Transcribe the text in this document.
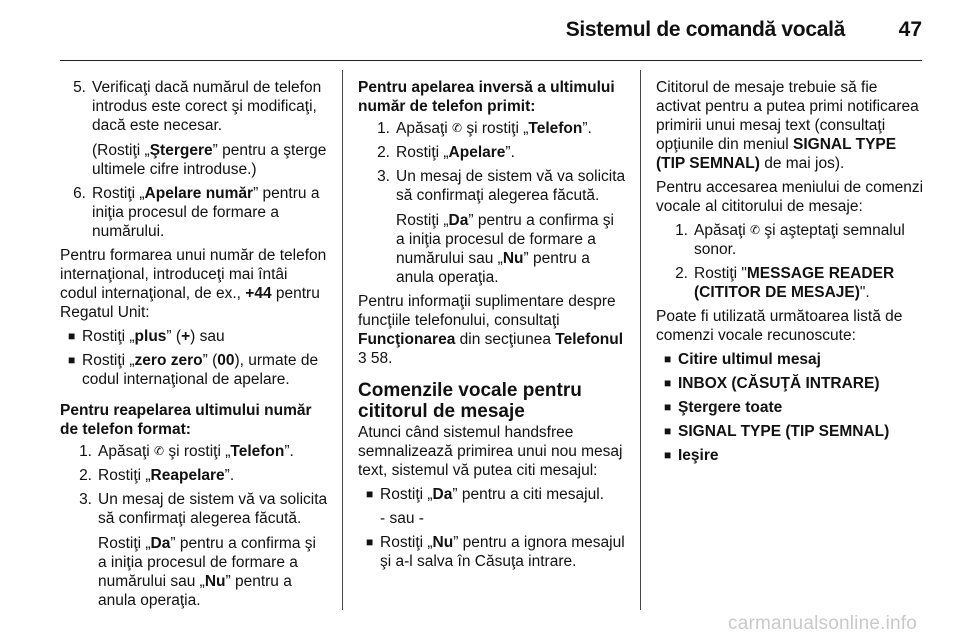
Sistemul de comandă vocală	47
5. Verificaţi dacă numărul de telefon introdus este corect şi modificaţi, dacă este necesar.
(Rostiţi „Ştergere” pentru a şterge ultimele cifre introduse.)
6. Rostiţi „Apelare număr” pentru a iniţia procesul de formare a numărului.

Pentru formarea unui număr de telefon internaţional, introduceţi mai întâi codul internaţional, de ex., +44 pentru Regatul Unit:

■ Rostiţi „plus” (+) sau
■ Rostiţi „zero zero” (00), urmate de codul internaţional de apelare.
Pentru reapelarea ultimului număr de telefon format:
1. Apăsaţi ✆ şi rostiţi „Telefon”.
2. Rostiţi „Reapelare”.
3. Un mesaj de sistem vă va solicita să confirmaţi alegerea făcută.
Rostiţi „Da” pentru a confirma şi a iniţia procesul de formare a numărului sau „Nu” pentru a anula operaţia.
Pentru apelarea inversă a ultimului număr de telefon primit:
1. Apăsaţi ✆ şi rostiţi „Telefon”.
2. Rostiţi „Apelare”.
3. Un mesaj de sistem vă va solicita să confirmaţi alegerea făcută.
Rostiţi „Da” pentru a confirma şi a iniţia procesul de formare a numărului sau „Nu” pentru a anula operaţia.

Pentru informaţii suplimentare despre funcţiile telefonului, consultaţi Funcţionarea din secţiunea Telefonul
3 58.

Comenzile vocale pentru cititorul de mesaje

Atunci când sistemul handsfree semnalizează primirea unui nou mesaj text, sistemul vă putea citi mesajul:

■ Rostiţi „Da” pentru a citi mesajul.

- sau -

■ Rostiţi „Nu” pentru a ignora mesajul şi a-l salva în Căsuţa intrare.

Cititorul de mesaje trebuie să fie activat pentru a putea primi notificarea primirii unui mesaj text (consultaţi opţiunile din meniul SIGNAL TYPE (TIP SEMNAL) de mai jos).

Pentru accesarea meniului de comenzi vocale al cititorului de mesaje:

1. Apăsaţi ✆ şi aşteptaţi semnalul sonor.
2. Rostiţi "MESSAGE READER (CITITOR DE MESAJE)".

Poate fi utilizată următoarea listă de comenzi vocale recunoscute:

■ Citire ultimul mesaj
■ INBOX (CĂSUŢĂ INTRARE)
■ Ştergere toate
■ SIGNAL TYPE (TIP SEMNAL)
■ Ieşire
carmanualsonline.info
